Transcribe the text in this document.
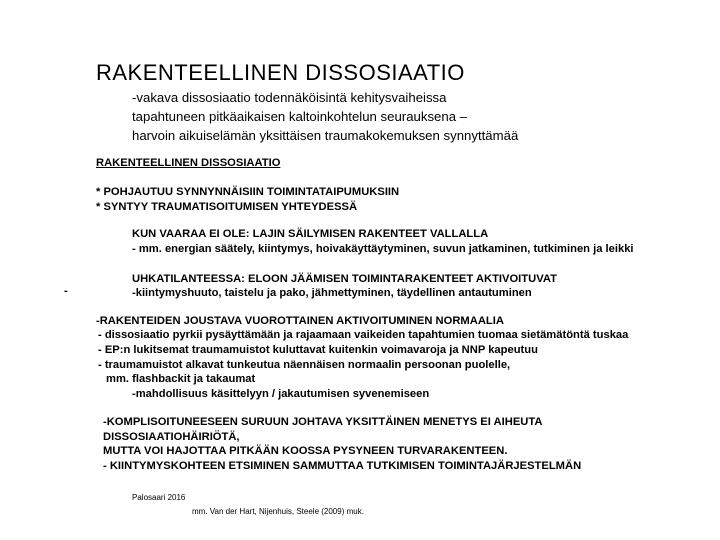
RAKENTEELLINEN DISSOSIAATIO

-vakava dissosiaatio todennäköisintä kehitysvaiheissa

tapahtuneen pitkäaikaisen kaltoinkohtelun seurauksena –

harvoin aikuiselämän yksittäisen traumakokemuksen synnyttämää

RAKENTEELLINEN DISSOSIAATIO

* POHJAUTUU SYNNYNNÄISIIN TOIMINTATAIPUMUKSIIN

* SYNTYY TRAUMATISOITUMISEN YHTEYDESSÄ

KUN VAARAA EI OLE: LAJIN SÄILYMISEN RAKENTEET VALLALLA

- mm. energian säätely, kiintymys, hoivakäyttäytyminen, suvun jatkaminen, tutkiminen ja leikki

-

UHKATILANTEESSA: ELOON JÄÄMISEN TOIMINTARAKENTEET AKTIVOITUVAT

-kiintymyshuuto, taistelu ja pako, jähmettyminen, täydellinen antautuminen

-RAKENTEIDEN JOUSTAVA VUOROTTAINEN AKTIVOITUMINEN NORMAALIA

- dissosiaatio pyrkii pysäyttämään ja rajaamaan vaikeiden tapahtumien tuomaa sietämätöntä tuskaa

- EP:n lukitsemat traumamuistot kuluttavat kuitenkin voimavaroja ja NNP kapeutuu

- traumamuistot alkavat tunkeutua näennäisen normaalin persoonan puolelle,

mm. flashbackit ja takaumat

-mahdollisuus käsittelyyn / jakautumisen syvenemiseen

-KOMPLISOITUNEESEEN SURUUN JOHTAVA YKSITTÄINEN MENETYS EI AIHEUTA

DISSOSIAATIOHÄIRIÖTÄ,

MUTTA VOI HAJOTTAA PITKÄÄN KOOSSA PYSYNEEN TURVARAKENTEEN.

- KIINTYMYSKOHTEEN ETSIMINEN SAMMUTTAA TUTKIMISEN TOIMINTAJÄRJESTELMÄN

Palosaari 2016

mm. Van der Hart, Nijenhuis, Steele (2009) muk.
